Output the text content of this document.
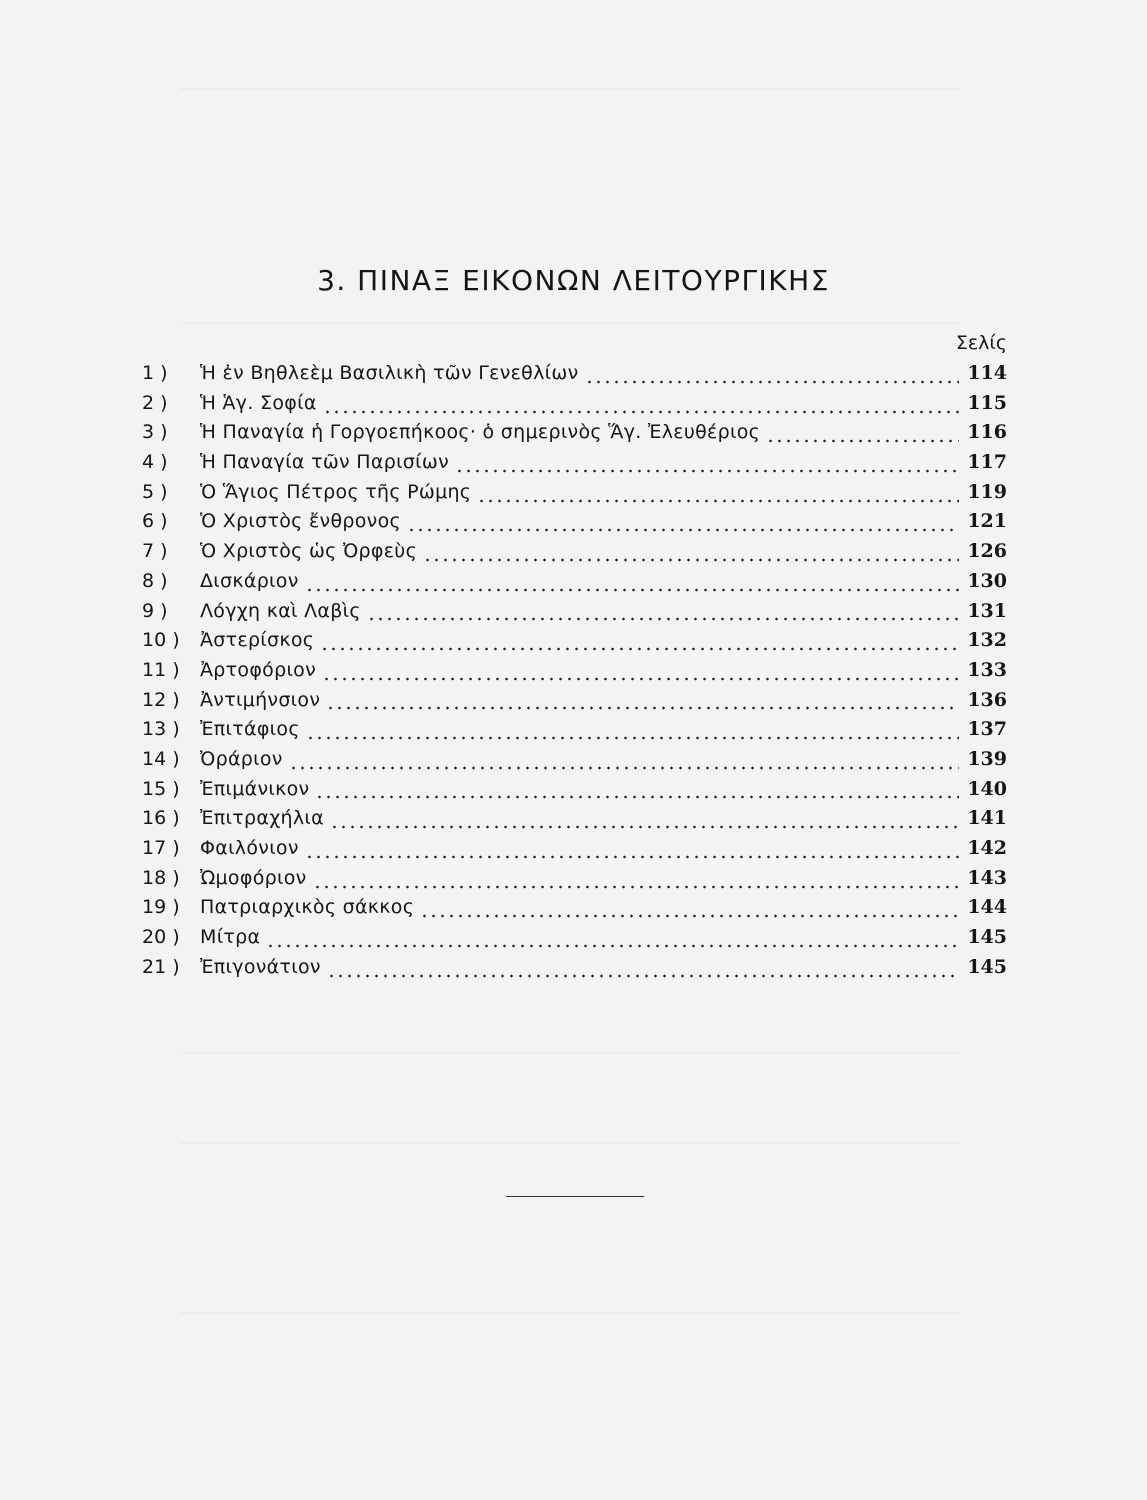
3. ΠΙΝΑΞ ΕΙΚΟΝΩΝ ΛΕΙΤΟΥΡΓΙΚΗΣ
Σελίς
1 )	Ἡ ἐν Βηθλεὲμ Βασιλικὴ τῶν Γενεθλίων	114
2 )	Ἡ Ἁγ. Σοφία	115
3 )	Ἡ Παναγία ἡ Γοργοεπήκοος· ὁ σημερινὸς Ἅγ. Ἐλευθέριος	116
4 )	Ἡ Παναγία τῶν Παρισίων	117
5 )	Ὁ Ἅγιος Πέτρος τῆς Ρώμης	119
6 )	Ὁ Χριστὸς ἔνθρονος	121
7 )	Ὁ Χριστὸς ὡς Ὀρφεὺς	126
8 )	Δισκάριον	130
9 )	Λόγχη καὶ Λαβὶς	131
10 )	Ἀστερίσκος	132
11 )	Ἀρτοφόριον	133
12 )	Ἀντιμήνσιον	136
13 )	Ἐπιτάφιος	137
14 )	Ὀράριον	139
15 )	Ἐπιμάνικον	140
16 )	Ἐπιτραχήλια	141
17 )	Φαιλόνιον	142
18 )	Ὠμοφόριον	143
19 )	Πατριαρχικὸς σάκκος	144
20 )	Μίτρα	145
21 )	Ἐπιγονάτιον	145
